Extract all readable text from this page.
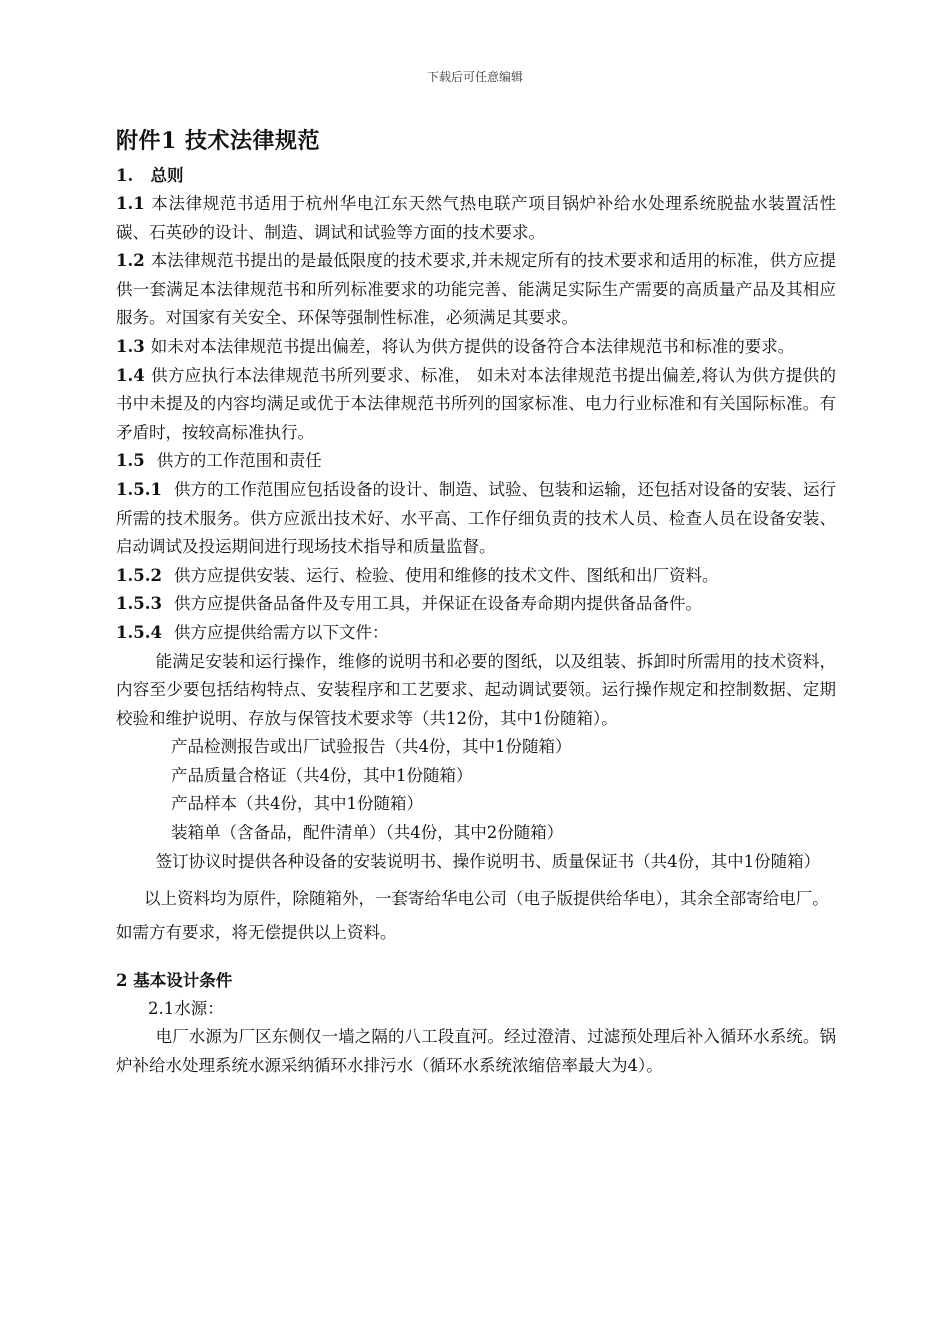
下载后可任意编辑
附件1 技术法律规范
1. 总则

1.1 本法律规范书适用于杭州华电江东天然气热电联产项目锅炉补给水处理系统脱盐水装置活性碳、石英砂的设计、制造、调试和试验等方面的技术要求。

1.2 本法律规范书提出的是最低限度的技术要求,并未规定所有的技术要求和适用的标准，供方应提供一套满足本法律规范书和所列标准要求的功能完善、能满足实际生产需要的高质量产品及其相应服务。对国家有关安全、环保等强制性标准，必须满足其要求。

1.3 如未对本法律规范书提出偏差，将认为供方提供的设备符合本法律规范书和标准的要求。

1.4 供方应执行本法律规范书所列要求、标准， 如未对本法律规范书提出偏差,将认为供方提供的书中未提及的内容均满足或优于本法律规范书所列的国家标准、电力行业标准和有关国际标准。有矛盾时，按较高标准执行。

1.5 供方的工作范围和责任

1.5.1 供方的工作范围应包括设备的设计、制造、试验、包装和运输，还包括对设备的安装、运行所需的技术服务。供方应派出技术好、水平高、工作仔细负责的技术人员、检查人员在设备安装、启动调试及投运期间进行现场技术指导和质量监督。

1.5.2 供方应提供安装、运行、检验、使用和维修的技术文件、图纸和出厂资料。

1.5.3 供方应提供备品备件及专用工具，并保证在设备寿命期内提供备品备件。

1.5.4 供方应提供给需方以下文件：

能满足安装和运行操作，维修的说明书和必要的图纸，以及组装、拆卸时所需用的技术资料，内容至少要包括结构特点、安装程序和工艺要求、起动调试要领。运行操作规定和控制数据、定期校验和维护说明、存放与保管技术要求等（共12份，其中1份随箱）。

产品检测报告或出厂试验报告（共4份，其中1份随箱）

产品质量合格证（共4份，其中1份随箱）

产品样本（共4份，其中1份随箱）

装箱单（含备品，配件清单）（共4份，其中2份随箱）

签订协议时提供各种设备的安装说明书、操作说明书、质量保证书（共4份，其中1份随箱）

以上资料均为原件，除随箱外，一套寄给华电公司（电子版提供给华电），其余全部寄给电厂。如需方有要求，将无偿提供以上资料。

2 基本设计条件

2.1水源：

电厂水源为厂区东侧仅一墙之隔的八工段直河。经过澄清、过滤预处理后补入循环水系统。锅炉补给水处理系统水源采纳循环水排污水（循环水系统浓缩倍率最大为4）。
